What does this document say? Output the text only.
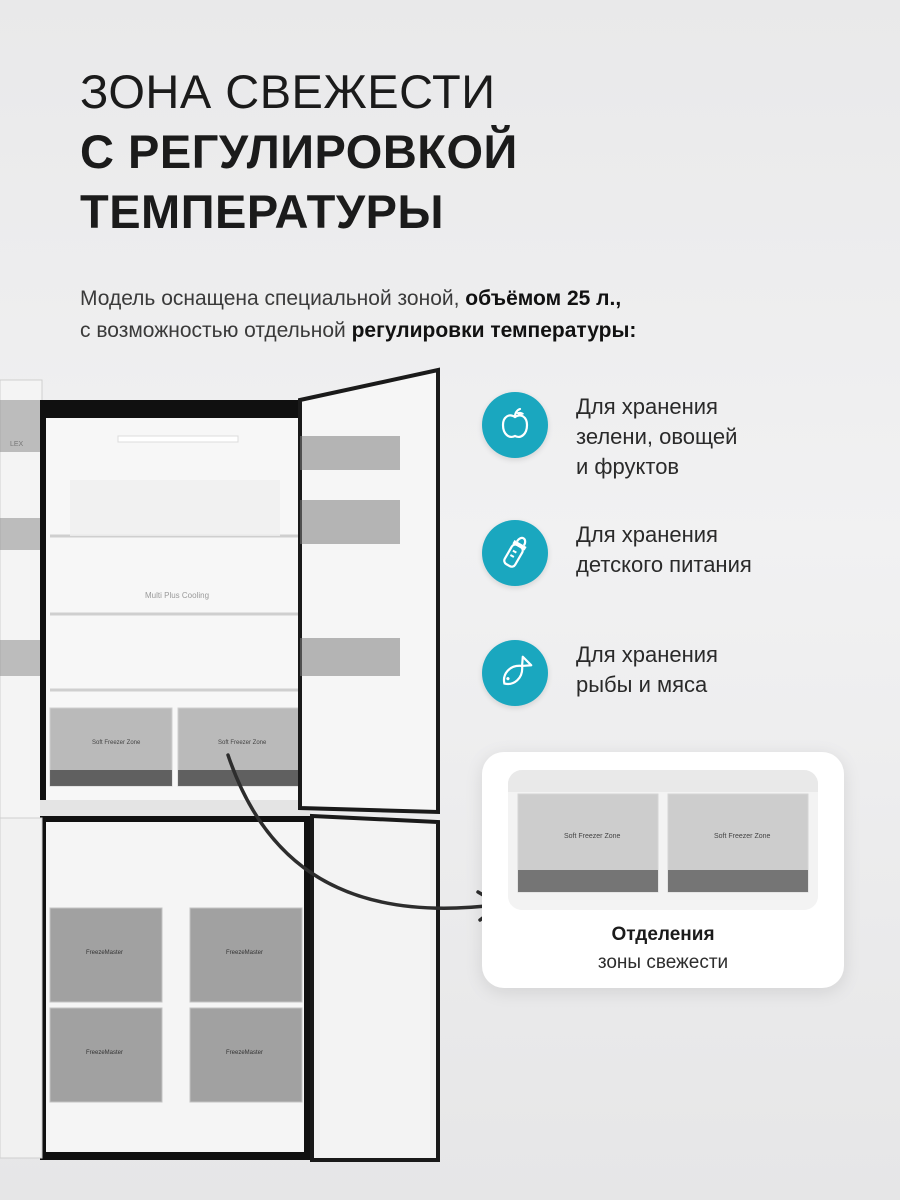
ЗОНА СВЕЖЕСТИ
С РЕГУЛИРОВКОЙ
ТЕМПЕРАТУРЫ
Модель оснащена специальной зоной, объёмом 25 л.,
с возможностью отдельной регулировки температуры:
LEX
Multi Plus Cooling
Soft Freezer Zone	Soft Freezer Zone
FreezeMaster	FreezeMaster
FreezeMaster	FreezeMaster
Для хранения
зелени, овощей
и фруктов
Для хранения
детского питания
Для хранения
рыбы и мяса
Soft Freezer Zone	Soft Freezer Zone
Отделения
зоны свежести
